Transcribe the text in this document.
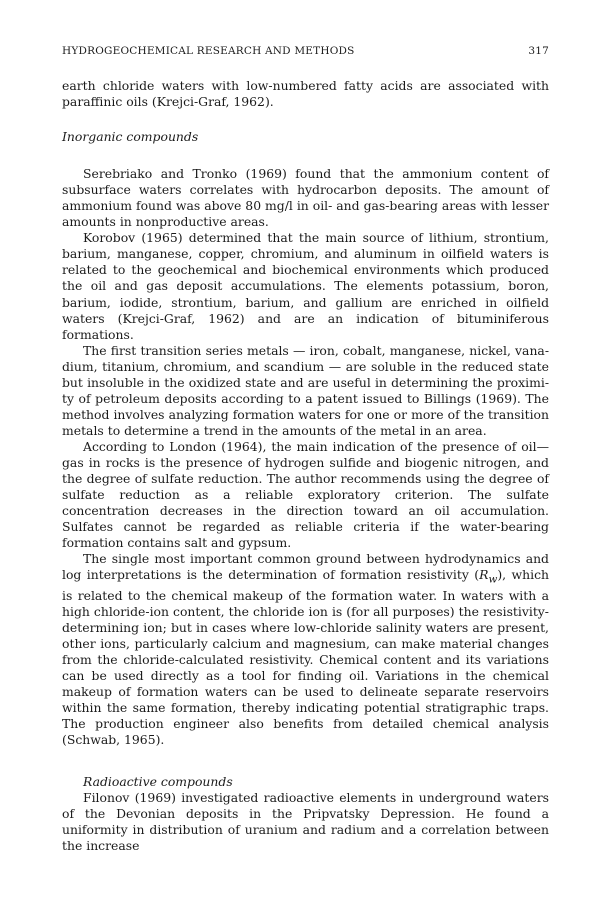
HYDROGEOCHEMICAL RESEARCH AND METHODS	317

earth chloride waters with low-numbered fatty acids are associated with paraffinic oils (Krejci-Graf, 1962).

Inorganic compounds

Serebriako and Tronko (1969) found that the ammonium content of subsurface waters correlates with hydrocarbon deposits. The amount of ammonium found was above 80 mg/l in oil- and gas-bearing areas with lesser amounts in nonproductive areas.

Korobov (1965) determined that the main source of lithium, strontium, barium, manganese, copper, chromium, and aluminum in oilfield waters is related to the geochemical and biochemical environments which produced the oil and gas deposit accumulations. The elements potassium, boron, barium, iodide, strontium, barium, and gallium are enriched in oilfield waters (Krejci-Graf, 1962) and are an indication of bituminiferous formations.

The first transition series metals — iron, cobalt, manganese, nickel, vanadium, titanium, chromium, and scandium — are soluble in the reduced state but insoluble in the oxidized state and are useful in determining the proximity of petroleum deposits according to a patent issued to Billings (1969). The method involves analyzing formation waters for one or more of the transition metals to determine a trend in the amounts of the metal in an area.

According to London (1964), the main indication of the presence of oil—gas in rocks is the presence of hydrogen sulfide and biogenic nitrogen, and the degree of sulfate reduction. The author recommends using the degree of sulfate reduction as a reliable exploratory criterion. The sulfate concentration decreases in the direction toward an oil accumulation. Sulfates cannot be regarded as reliable criteria if the water-bearing formation contains salt and gypsum.

The single most important common ground between hydrodynamics and log interpretations is the determination of formation resistivity $(R_w)$, which is related to the chemical makeup of the formation water. In waters with a high chloride-ion content, the chloride ion is (for all purposes) the resistivity-determining ion; but in cases where low-chloride salinity waters are present, other ions, particularly calcium and magnesium, can make material changes from the chloride-calculated resistivity. Chemical content and its variations can be used directly as a tool for finding oil. Variations in the chemical makeup of formation waters can be used to delineate separate reservoirs within the same formation, thereby indicating potential stratigraphic traps. The production engineer also benefits from detailed chemical analysis (Schwab, 1965).

Radioactive compounds

Filonov (1969) investigated radioactive elements in underground waters of the Devonian deposits in the Pripvatsky Depression. He found a uniformity in distribution of uranium and radium and a correlation between the increase
